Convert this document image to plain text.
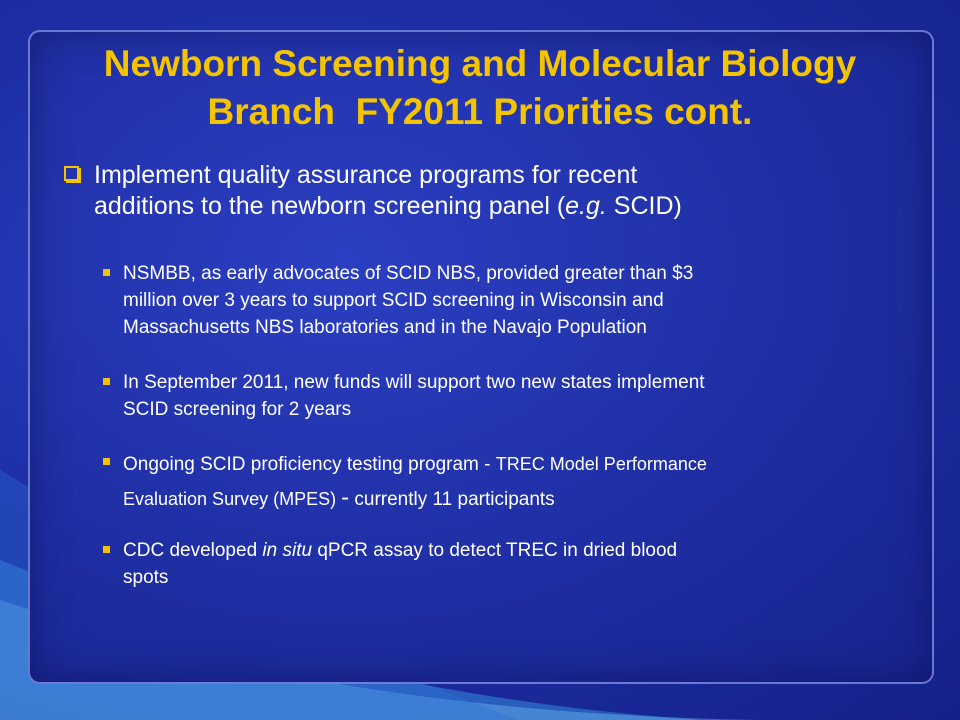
Newborn Screening and Molecular Biology
Branch  FY2011 Priorities cont.
Implement quality assurance programs for recent
additions to the newborn screening panel (e.g. SCID)
NSMBB, as early advocates of SCID NBS, provided greater than $3
million over 3 years to support SCID screening in Wisconsin and
Massachusetts NBS laboratories and in the Navajo Population
In September 2011, new funds will support two new states implement
SCID screening for 2 years
Ongoing SCID proficiency testing program - TREC Model Performance
Evaluation Survey (MPES) - currently 11 participants
CDC developed in situ qPCR assay to detect TREC in dried blood
spots
